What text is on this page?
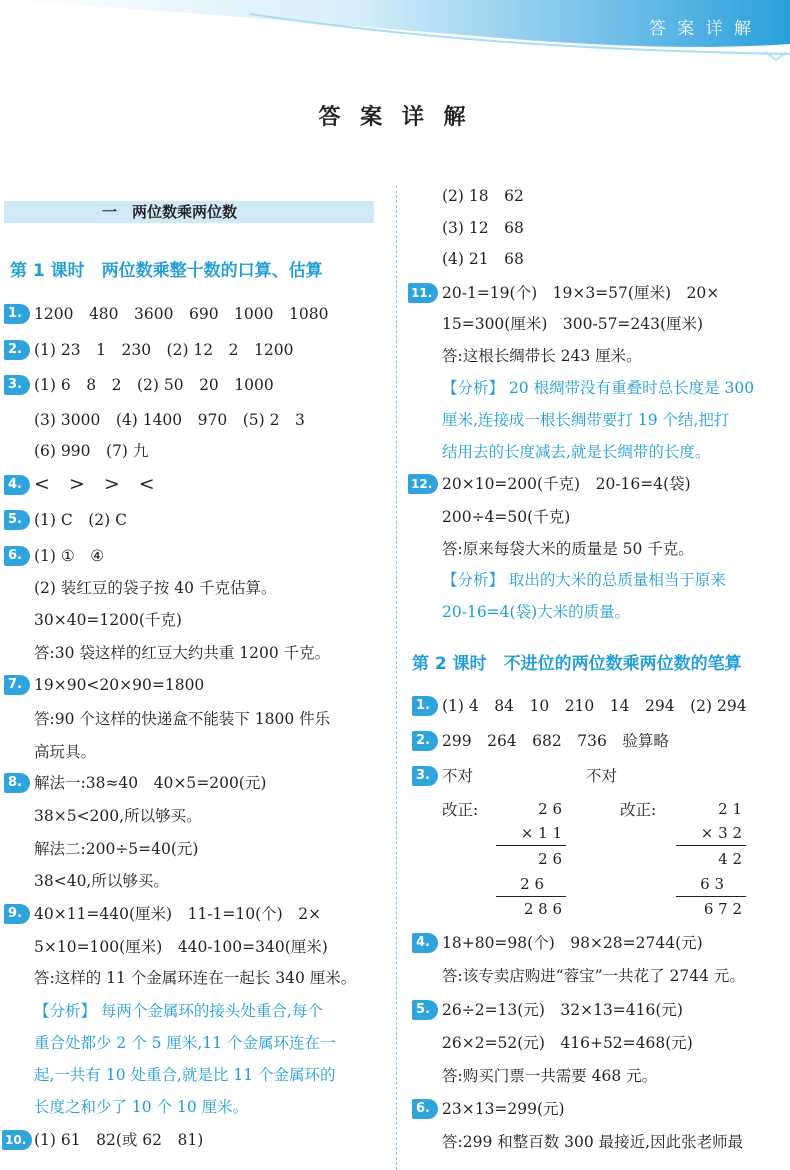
答 案 详 解
答 案 详 解
一　两位数乘两位数
第 1 课时　两位数乘整十数的口算、估算
1. 1200　480　3600　690　1000　1080
2. (1) 23　1　230　(2) 12　2　1200
3. (1) 6　8　2　(2) 50　20　1000
(3) 3000　(4) 1400　970　(5) 2　3
(6) 990　(7) 九
4. <　>　>　<
5. (1) C　(2) C
6. (1) ①　④
(2) 装红豆的袋子按 40 千克估算。
30×40=1200(千克)
答:30 袋这样的红豆大约共重 1200 千克。
7. 19×90<20×90=1800
答:90 个这样的快递盒不能装下 1800 件乐
高玩具。
8. 解法一:38≈40　40×5=200(元)
38×5<200,所以够买。
解法二:200÷5=40(元)
38<40,所以够买。
9. 40×11=440(厘米)　11-1=10(个)　2×
5×10=100(厘米)　440-100=340(厘米)
答:这样的 11 个金属环连在一起长 340 厘米。
【分析】 每两个金属环的接头处重合,每个
重合处都少 2 个 5 厘米,11 个金属环连在一
起,一共有 10 处重合,就是比 11 个金属环的
长度之和少了 10 个 10 厘米。
10. (1) 61　82(或 62　81)
(2) 18　62
(3) 12　68
(4) 21　68
11. 20-1=19(个)　19×3=57(厘米)　20×
15=300(厘米)　300-57=243(厘米)
答:这根长绸带长 243 厘米。
【分析】 20 根绸带没有重叠时总长度是 300
厘米,连接成一根长绸带要打 19 个结,把打
结用去的长度减去,就是长绸带的长度。
12. 20×10=200(千克)　20-16=4(袋)
200÷4=50(千克)
答:原来每袋大米的质量是 50 千克。
【分析】 取出的大米的总质量相当于原来
20-16=4(袋)大米的质量。
第 2 课时　不进位的两位数乘两位数的笔算
1. (1) 4　84　10　210　14　294　(2) 294
2. 299　264　682　736　验算略
3. 不对	不对
改正:	改正:
2 6
× 1 1
2 6
2 6
2 8 6
2 1
× 3 2
4 2
6 3
6 7 2
4. 18+80=98(个)　98×28=2744(元)
答:该专卖店购进“蓉宝”一共花了 2744 元。
5. 26÷2=13(元)　32×13=416(元)
26×2=52(元)　416+52=468(元)
答:购买门票一共需要 468 元。
6. 23×13=299(元)
答:299 和整百数 300 最接近,因此张老师最
